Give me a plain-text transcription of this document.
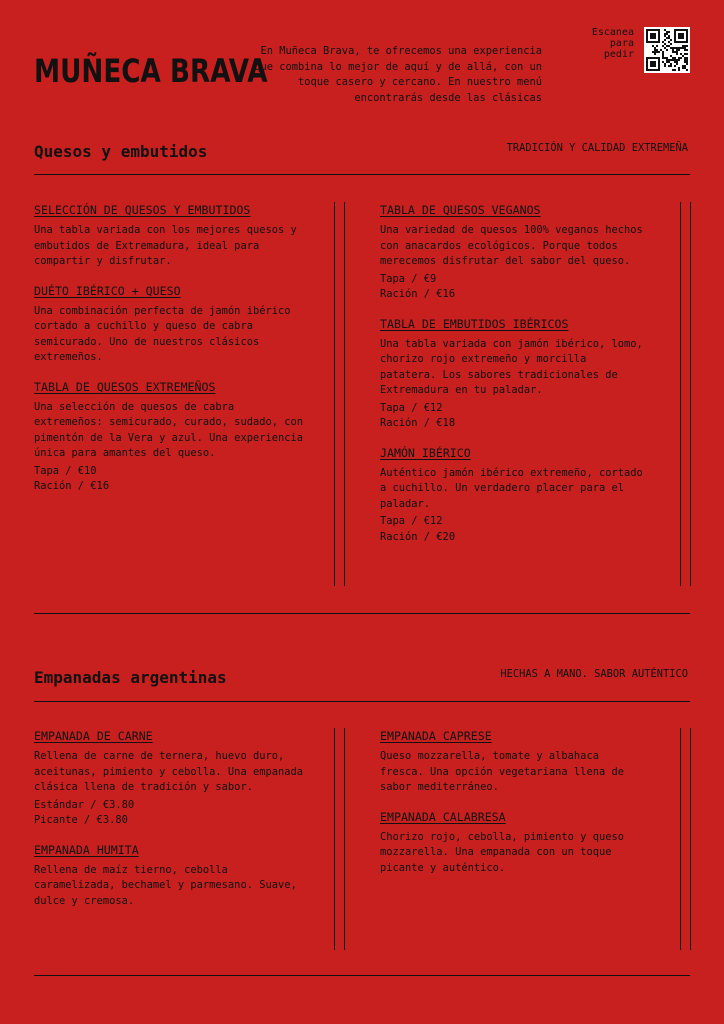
MUÑECA BRAVA
En Muñeca Brava, te ofrecemos una experiencia que combina lo mejor de aquí y de allá, con un toque casero y cercano. En nuestro menú encontrarás desde las clásicas
Escanea para pedir
Quesos y embutidos	TRADICIÓN Y CALIDAD EXTREMEÑA
SELECCIÓN DE QUESOS Y EMBUTIDOS

Una tabla variada con los mejores quesos y embutidos de Extremadura, ideal para compartir y disfrutar.

DUÉTO IBÉRICO + QUESO

Una combinación perfecta de jamón ibérico cortado a cuchillo y queso de cabra semicurado. Uno de nuestros clásicos extremeños.

TABLA DE QUESOS EXTREMEÑOS

Una selección de quesos de cabra extremeños: semicurado, curado, sudado, con pimentón de la Vera y azul. Una experiencia única para amantes del queso.

Tapa / €10
Ración / €16
TABLA DE QUESOS VEGANOS

Una variedad de quesos 100% veganos hechos con anacardos ecológicos. Porque todos merecemos disfrutar del sabor del queso.

Tapa / €9
Ración / €16
TABLA DE EMBUTIDOS IBÉRICOS

Una tabla variada con jamón ibérico, lomo, chorizo rojo extremeño y morcilla patatera. Los sabores tradicionales de Extremadura en tu paladar.

Tapa / €12
Ración / €18
JAMÓN IBÉRICO

Auténtico jamón ibérico extremeño, cortado a cuchillo. Un verdadero placer para el paladar.

Tapa / €12
Ración / €20
Empanadas argentinas	HECHAS A MANO. SABOR AUTÉNTICO
EMPANADA DE CARNE

Rellena de carne de ternera, huevo duro, aceitunas, pimiento y cebolla. Una empanada clásica llena de tradición y sabor.

Estándar / €3.80
Picante / €3.80
EMPANADA HUMITA

Rellena de maíz tierno, cebolla caramelizada, bechamel y parmesano. Suave, dulce y cremosa.

EMPANADA CAPRESE

Queso mozzarella, tomate y albahaca fresca. Una opción vegetariana llena de sabor mediterráneo.

EMPANADA CALABRESA

Chorizo rojo, cebolla, pimiento y queso mozzarella. Una empanada con un toque picante y auténtico.
